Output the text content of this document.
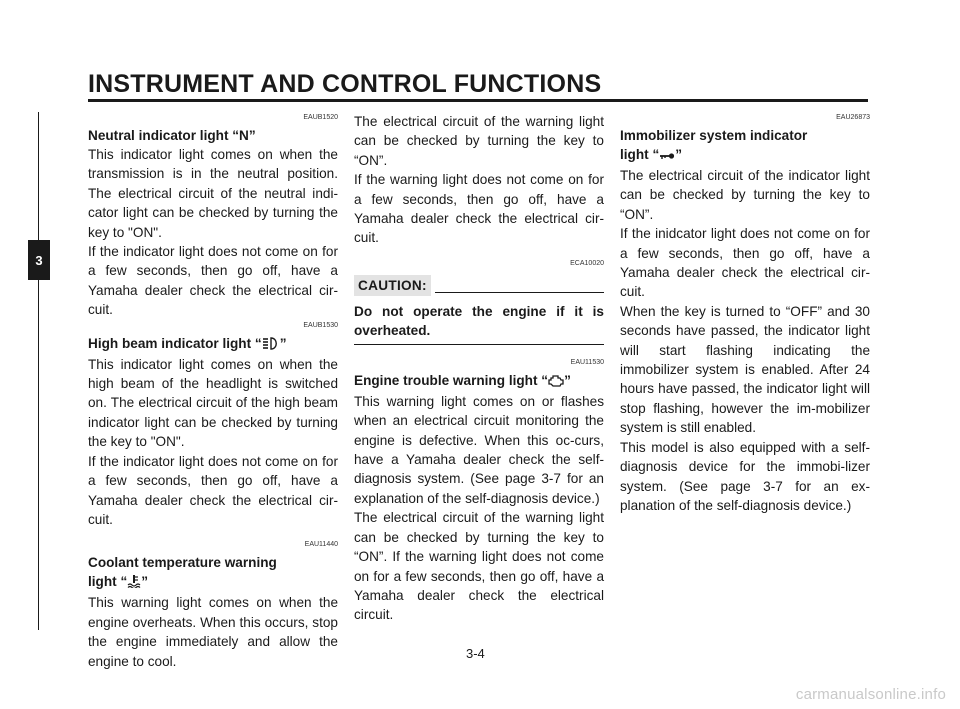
INSTRUMENT AND CONTROL FUNCTIONS
3
EAUB1520

Neutral indicator light “N”

This indicator light comes on when the transmission is in the neutral position. The electrical circuit of the neutral indi-cator light can be checked by turning the key to "ON".

If the indicator light does not come on for a few seconds, then go off, have a Yamaha dealer check the electrical cir-cuit.

EAUB1530

High beam indicator light “ ”

This indicator light comes on when the high beam of the headlight is switched on. The electrical circuit of the high beam indicator light can be checked by turning the key to "ON".

If the indicator light does not come on for a few seconds, then go off, have a Yamaha dealer check the electrical cir-cuit.

EAU11440

Coolant temperature warning

light “ ”

This warning light comes on when the engine overheats. When this occurs, stop the engine immediately and allow the engine to cool.

The electrical circuit of the warning light can be checked by turning the key to “ON”.

If the warning light does not come on for a few seconds, then go off, have a Yamaha dealer check the electrical cir-cuit.

ECA10020
CAUTION:

Do not operate the engine if it is overheated.

EAU11530

Engine trouble warning light “ ”

This warning light comes on or flashes when an electrical circuit monitoring the engine is defective. When this oc-curs, have a Yamaha dealer check the self-diagnosis system. (See page 3-7 for an explanation of the self-diagnosis device.)

The electrical circuit of the warning light can be checked by turning the key to “ON”. If the warning light does not come on for a few seconds, then go off, have a Yamaha dealer check the electrical circuit.

EAU26873

Immobilizer system indicator

light “ ”

The electrical circuit of the indicator light can be checked by turning the key to “ON”.

If the inidcator light does not come on for a few seconds, then go off, have a Yamaha dealer check the electrical cir-cuit.

When the key is turned to “OFF” and 30 seconds have passed, the indicator light will start flashing indicating the immobilizer system is enabled. After 24 hours have passed, the indicator light will stop flashing, however the im-mobilizer system is still enabled.

This model is also equipped with a self-diagnosis device for the immobi-lizer system. (See page 3-7 for an ex-planation of the self-diagnosis device.)

3-4
carmanualsonline.info
